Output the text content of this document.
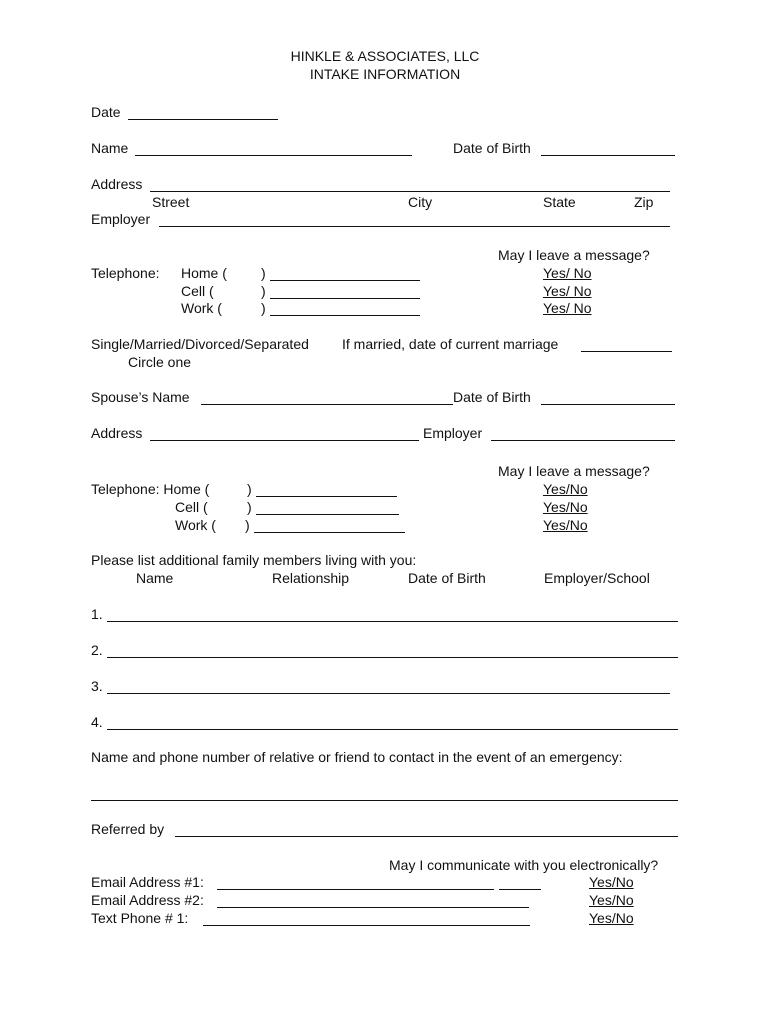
HINKLE & ASSOCIATES, LLC
INTAKE INFORMATION
Date
Name	Date of Birth
Address
Street	City	State	Zip
Employer
May I leave a message?
Telephone: Home ( )	Yes/ No
Cell (	)	Yes/ No
Work (	)	Yes/ No
Single/Married/Divorced/Separated If married, date of current marriage
Circle one
Spouse’s Name	Date of Birth
Address	Employer
May I leave a message?
Telephone: Home (	)	Yes/No
Cell (	)	Yes/No
Work ( )	Yes/No
Please list additional family members living with you:
Name	Relationship	Date of Birth	Employer/School
1.
2.
3.
4.
Name and phone number of relative or friend to contact in the event of an emergency:
Referred by
May I communicate with you electronically?
Email Address #1:	Yes/No
Email Address #2:	Yes/No
Text Phone # 1:	Yes/No
